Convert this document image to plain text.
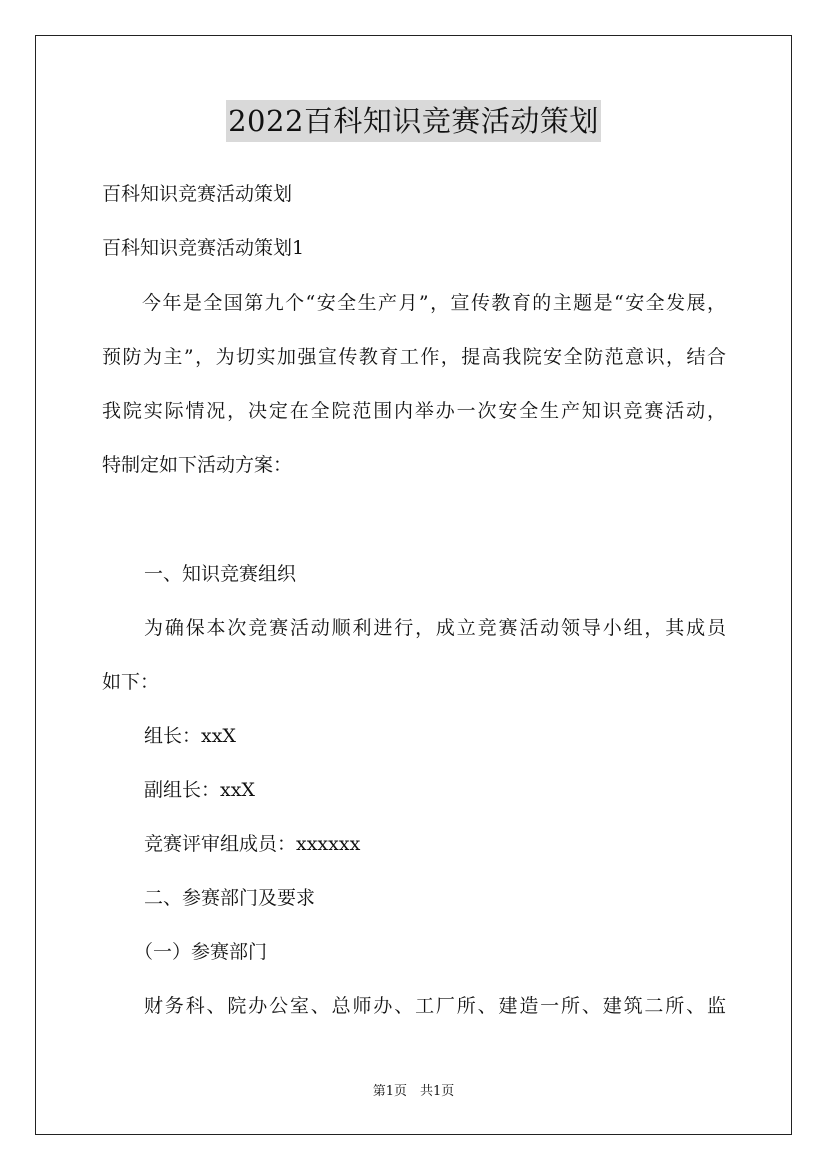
2022百科知识竞赛活动策划
百科知识竞赛活动策划
百科知识竞赛活动策划1
今年是全国第九个“安全生产月”，宣传教育的主题是“安全发展，
预防为主”，为切实加强宣传教育工作，提高我院安全防范意识，结合
我院实际情况，决定在全院范围内举办一次安全生产知识竞赛活动，
特制定如下活动方案：
一、知识竞赛组织
为确保本次竞赛活动顺利进行，成立竞赛活动领导小组，其成员
如下：
组长：xxX
副组长：xxX
竞赛评审组成员：xxxxxx
二、参赛部门及要求
（一）参赛部门
财务科、院办公室、总师办、工厂所、建造一所、建筑二所、监
第1页　共1页
